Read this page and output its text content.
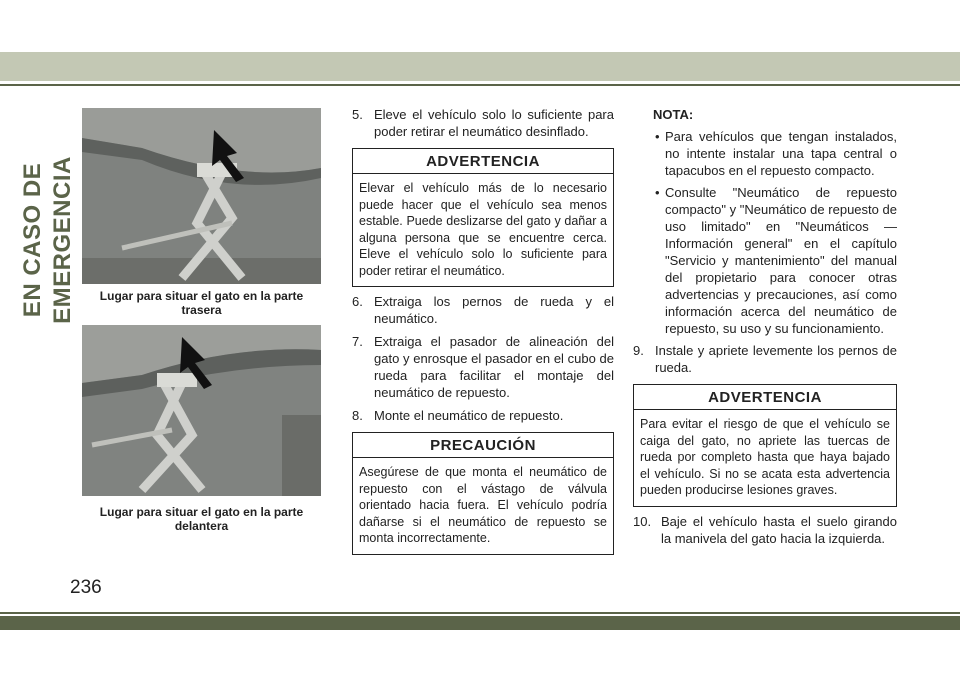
EN CASO DE EMERGENCIA	Lugar para situar el gato en la parte trasera
Lugar para situar el gato en la parte delantera
5. Eleve el vehículo solo lo suficiente para poder retirar el neumático desinflado.
ADVERTENCIA
Elevar el vehículo más de lo necesario puede hacer que el vehículo sea menos estable. Puede deslizarse del gato y dañar a alguna persona que se encuentre cerca. Eleve el vehículo solo lo suficiente para poder retirar el neumático.
6. Extraiga los pernos de rueda y el neumático.
7. Extraiga el pasador de alineación del gato y enrosque el pasador en el cubo de rueda para facilitar el montaje del neumático de repuesto.
8. Monte el neumático de repuesto.
PRECAUCIÓN
Asegúrese de que monta el neumático de repuesto con el vástago de válvula orientado hacia fuera. El vehículo podría dañarse si el neumático de repuesto se monta incorrectamente.
NOTA:
• Para vehículos que tengan instalados, no intente instalar una tapa central o tapacubos en el repuesto compacto.
• Consulte "Neumático de repuesto compacto" y "Neumático de repuesto de uso limitado" en "Neumáticos — Información general" en el capítulo "Servicio y mantenimiento" del manual del propietario para conocer otras advertencias y precauciones, así como información acerca del neumático de repuesto, su uso y su funcionamiento.
9. Instale y apriete levemente los pernos de rueda.
ADVERTENCIA
Para evitar el riesgo de que el vehículo se caiga del gato, no apriete las tuercas de rueda por completo hasta que haya bajado el vehículo. Si no se acata esta advertencia pueden producirse lesiones graves.
10. Baje el vehículo hasta el suelo girando la manivela del gato hacia la izquierda.
236
